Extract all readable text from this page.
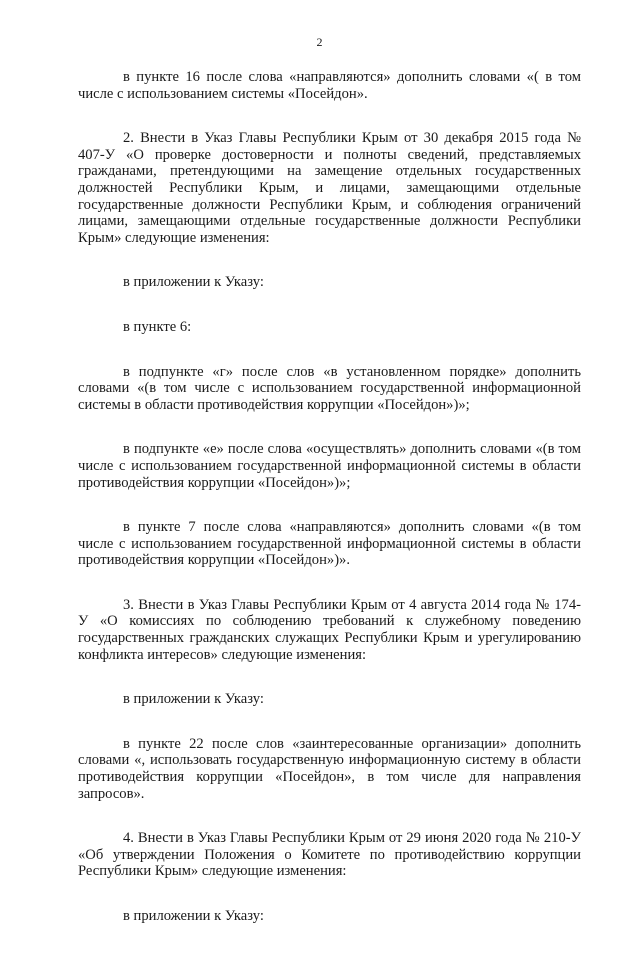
2

в пункте 16 после слова «направляются» дополнить словами «( в том числе с использованием системы «Посейдон».

2. Внести в Указ Главы Республики Крым от 30 декабря 2015 года № 407-У «О проверке достоверности и полноты сведений, представляемых гражданами, претендующими на замещение отдельных государственных должностей Республики Крым, и лицами, замещающими отдельные государственные должности Республики Крым, и соблюдения ограничений лицами, замещающими отдельные государственные должности Республики Крым» следующие изменения:

в приложении к Указу:

в пункте 6:

в подпункте «г» после слов «в установленном порядке» дополнить словами «(в том числе с использованием государственной информационной системы в области противодействия коррупции «Посейдон»)»;

в подпункте «е» после слова «осуществлять» дополнить словами «(в том числе с использованием государственной информационной системы в области противодействия коррупции «Посейдон»)»;

в пункте 7 после слова «направляются» дополнить словами «(в том числе с использованием государственной информационной системы в области противодействия коррупции «Посейдон»)».

3. Внести в Указ Главы Республики Крым от 4 августа 2014 года № 174-У «О комиссиях по соблюдению требований к служебному поведению государственных гражданских служащих Республики Крым и урегулированию конфликта интересов» следующие изменения:

в приложении к Указу:

в пункте 22 после слов «заинтересованные организации» дополнить словами «, использовать государственную информационную систему в области противодействия коррупции «Посейдон», в том числе для направления запросов».

4. Внести в Указ Главы Республики Крым от 29 июня 2020 года № 210-У «Об утверждении Положения о Комитете по противодействию коррупции Республики Крым» следующие изменения:

в приложении к Указу:
